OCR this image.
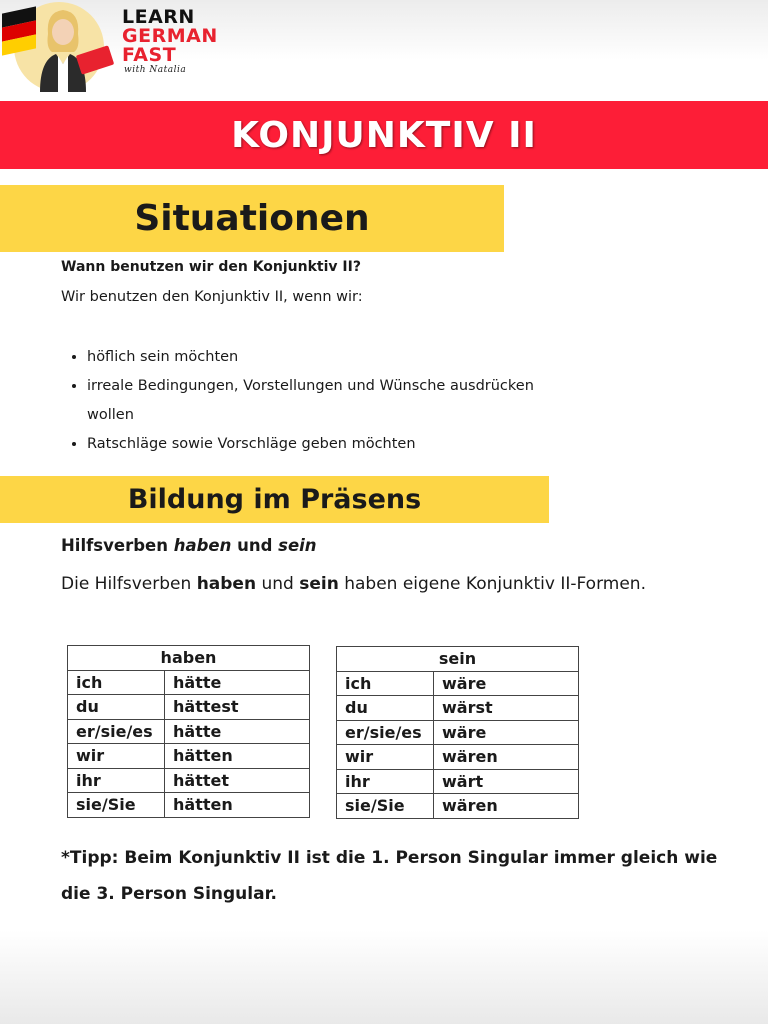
LEARN
GERMAN
FAST
with Natalia
KONJUNKTIV II
Situationen

Wann benutzen wir den Konjunktiv II?

Wir benutzen den Konjunktiv II, wenn wir:

• höflich sein möchten
• irreale Bedingungen, Vorstellungen und Wünsche ausdrücken wollen
• Ratschläge sowie Vorschläge geben möchten
Bildung im Präsens

Hilfsverben haben und sein

Die Hilfsverben haben und sein haben eigene Konjunktiv II-Formen.

haben	
ich	hätte
du	hättest
er/sie/es	hätte
wir	hätten
ihr	hättet
sie/Sie	hätten
sein	
ich	wäre
du	wärst
er/sie/es	wäre
wir	wären
ihr	wärt
sie/Sie	wären

*Tipp: Beim Konjunktiv II ist die 1. Person Singular immer gleich wie die 3. Person Singular.
